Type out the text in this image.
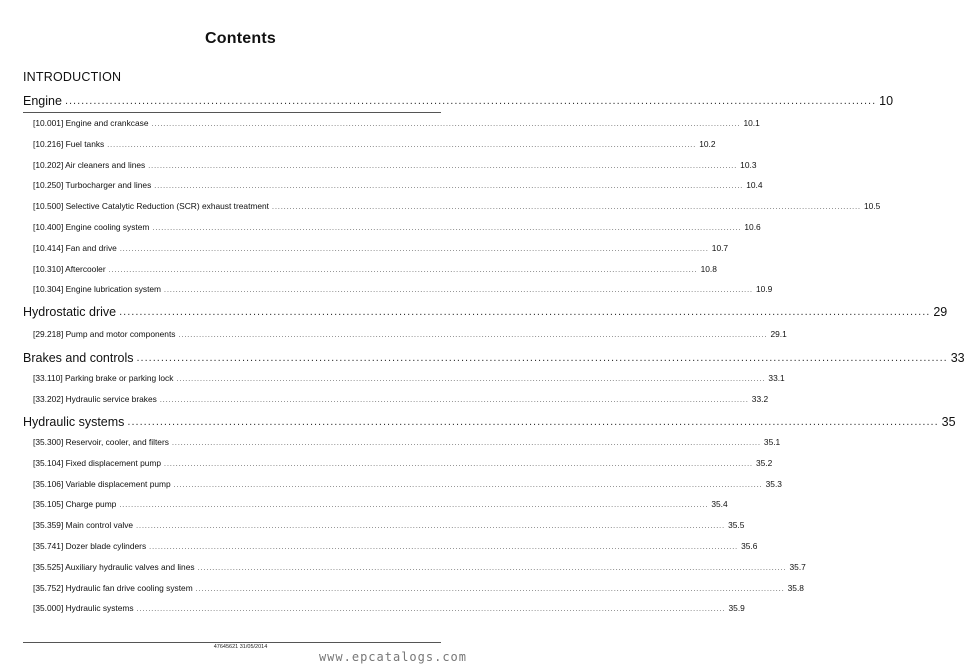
Contents
INTRODUCTION
Engine ........................................................................................................................................................................................................ 10
[10.001] Engine and crankcase ........................................................................................................................................................................................................ 10.1
[10.216] Fuel tanks ........................................................................................................................................................................................................ 10.2
[10.202] Air cleaners and lines ........................................................................................................................................................................................................ 10.3
[10.250] Turbocharger and lines ........................................................................................................................................................................................................ 10.4
[10.500] Selective Catalytic Reduction (SCR) exhaust treatment ........................................................................................................................................................................................................ 10.5
[10.400] Engine cooling system ........................................................................................................................................................................................................ 10.6
[10.414] Fan and drive ........................................................................................................................................................................................................ 10.7
[10.310] Aftercooler ........................................................................................................................................................................................................ 10.8
[10.304] Engine lubrication system ........................................................................................................................................................................................................ 10.9
Hydrostatic drive ........................................................................................................................................................................................................ 29
[29.218] Pump and motor components ........................................................................................................................................................................................................ 29.1
Brakes and controls ........................................................................................................................................................................................................ 33
[33.110] Parking brake or parking lock ........................................................................................................................................................................................................ 33.1
[33.202] Hydraulic service brakes ........................................................................................................................................................................................................ 33.2
Hydraulic systems ........................................................................................................................................................................................................ 35
[35.300] Reservoir, cooler, and filters ........................................................................................................................................................................................................ 35.1
[35.104] Fixed displacement pump ........................................................................................................................................................................................................ 35.2
[35.106] Variable displacement pump ........................................................................................................................................................................................................ 35.3
[35.105] Charge pump ........................................................................................................................................................................................................ 35.4
[35.359] Main control valve ........................................................................................................................................................................................................ 35.5
[35.741] Dozer blade cylinders ........................................................................................................................................................................................................ 35.6
[35.525] Auxiliary hydraulic valves and lines ........................................................................................................................................................................................................ 35.7
[35.752] Hydraulic fan drive cooling system ........................................................................................................................................................................................................ 35.8
[35.000] Hydraulic systems ........................................................................................................................................................................................................ 35.9
47645621 31/05/2014
www.epcatalogs.com
